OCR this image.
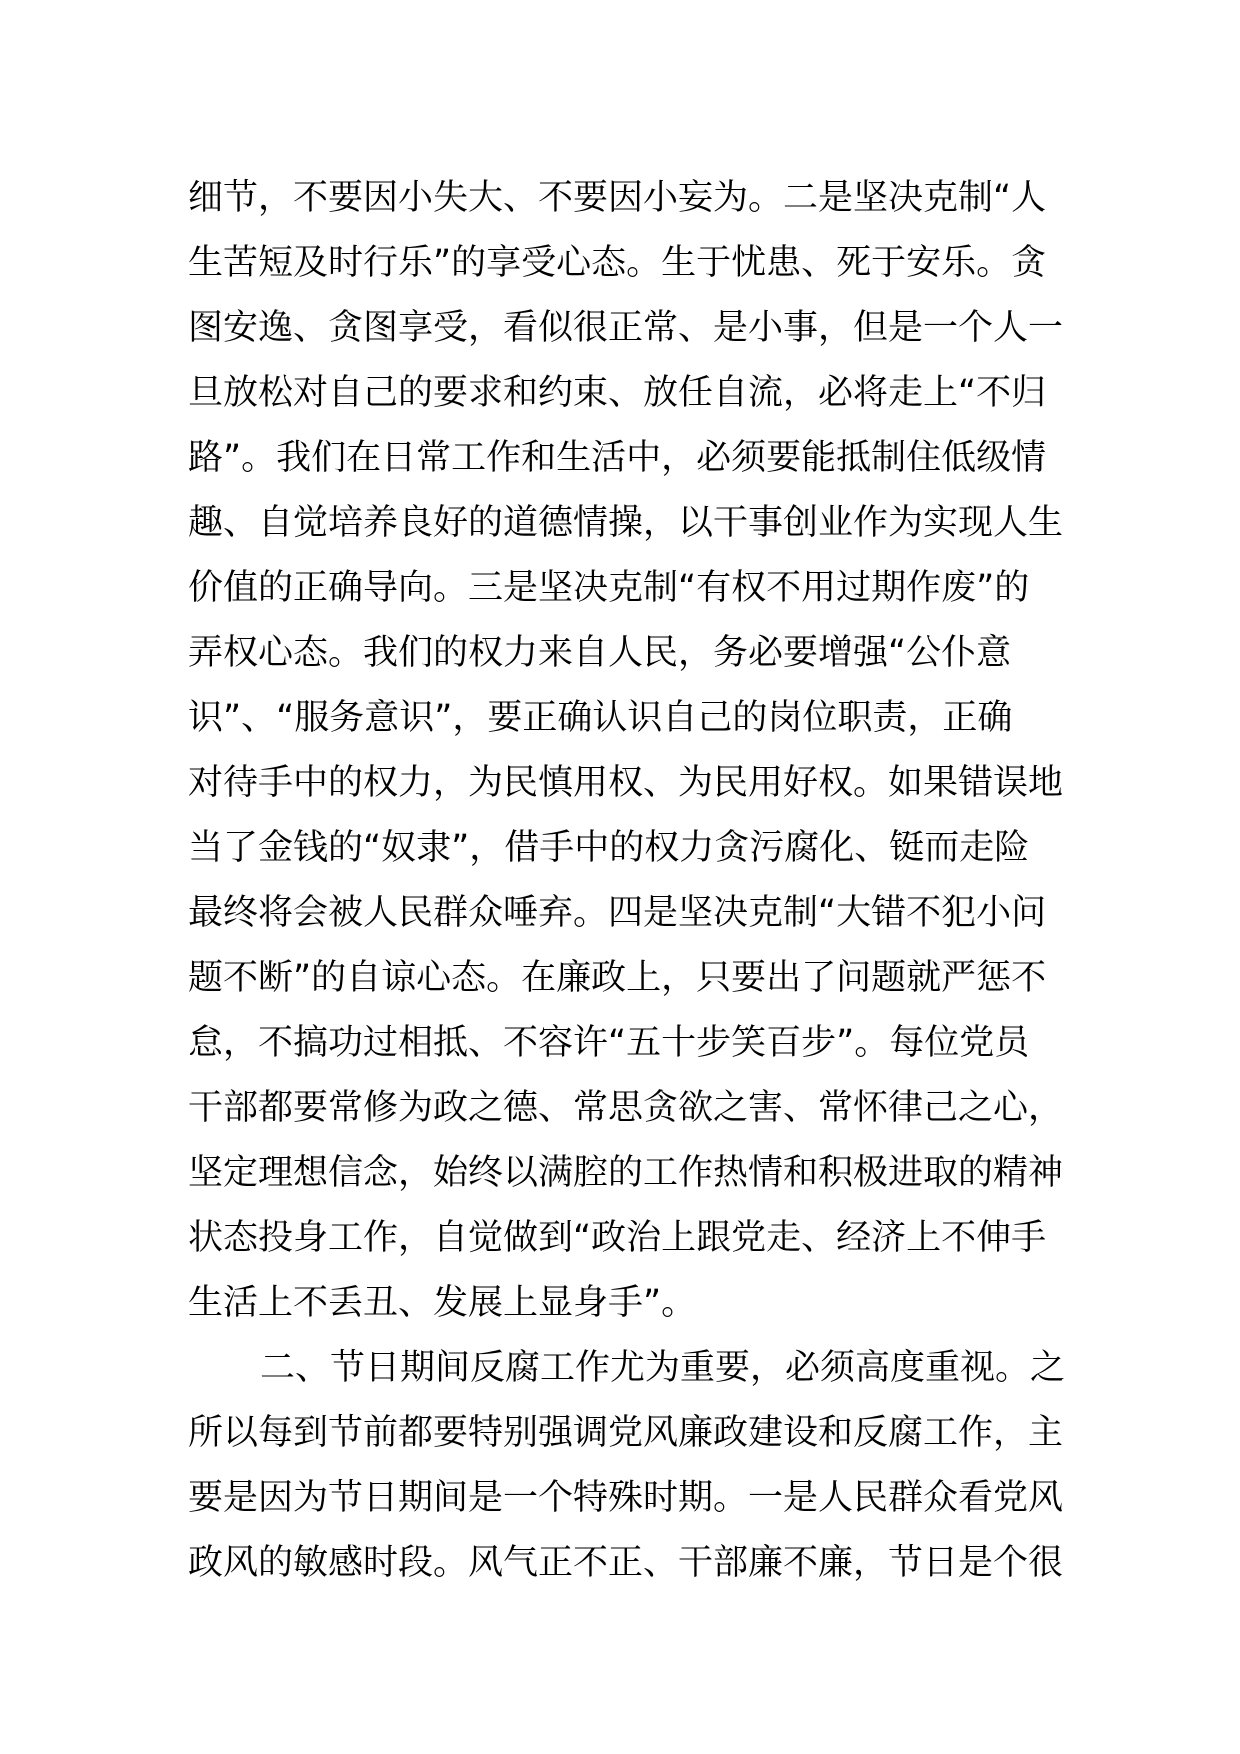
细节，不要因小失大、不要因小妄为。二是坚决克制“人
生苦短及时行乐”的享受心态。生于忧患、死于安乐。贪
图安逸、贪图享受，看似很正常、是小事，但是一个人一
旦放松对自己的要求和约束、放任自流，必将走上“不归
路”。我们在日常工作和生活中，必须要能抵制住低级情
趣、自觉培养良好的道德情操，以干事创业作为实现人生
价值的正确导向。三是坚决克制“有权不用过期作废”的
弄权心态。我们的权力来自人民，务必要增强“公仆意
识”、“服务意识”，要正确认识自己的岗位职责，正确
对待手中的权力，为民慎用权、为民用好权。如果错误地
当了金钱的“奴隶”，借手中的权力贪污腐化、铤而走险
最终将会被人民群众唾弃。四是坚决克制“大错不犯小问
题不断”的自谅心态。在廉政上，只要出了问题就严惩不
怠，不搞功过相抵、不容许“五十步笑百步”。每位党员
干部都要常修为政之德、常思贪欲之害、常怀律己之心，
坚定理想信念，始终以满腔的工作热情和积极进取的精神
状态投身工作，自觉做到“政治上跟党走、经济上不伸手
生活上不丢丑、发展上显身手”。
二、节日期间反腐工作尤为重要，必须高度重视。之
所以每到节前都要特别强调党风廉政建设和反腐工作，主
要是因为节日期间是一个特殊时期。一是人民群众看党风
政风的敏感时段。风气正不正、干部廉不廉，节日是个很
